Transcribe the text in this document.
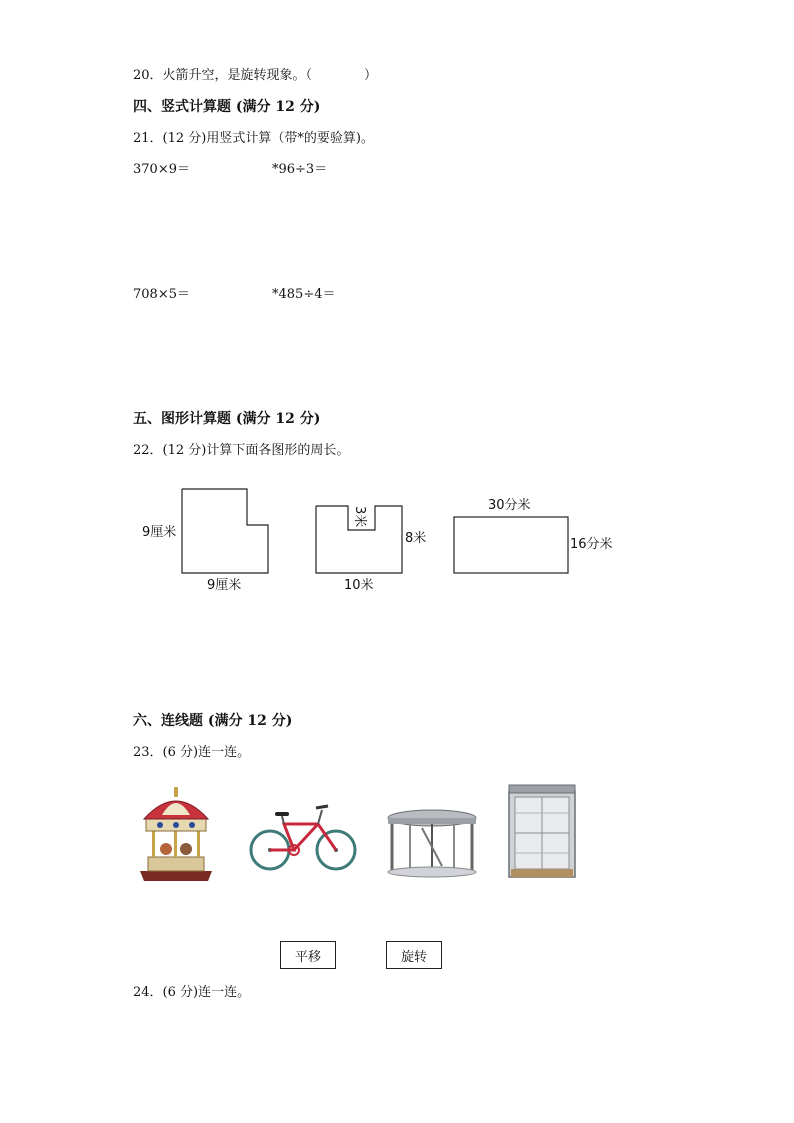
20．火箭升空，是旋转现象。（　　　　）
四、竖式计算题 (满分 12 分)
21．(12 分)用竖式计算（带*的要验算)。
370×9＝	*96÷3＝
708×5＝	*485÷4＝
五、图形计算题 (满分 12 分)
22．(12 分)计算下面各图形的周长。
9厘米
9厘米
3米
8米
10米
30分米
16分米
六、连线题 (满分 12 分)
23．(6 分)连一连。
平移	旋转
24．(6 分)连一连。
